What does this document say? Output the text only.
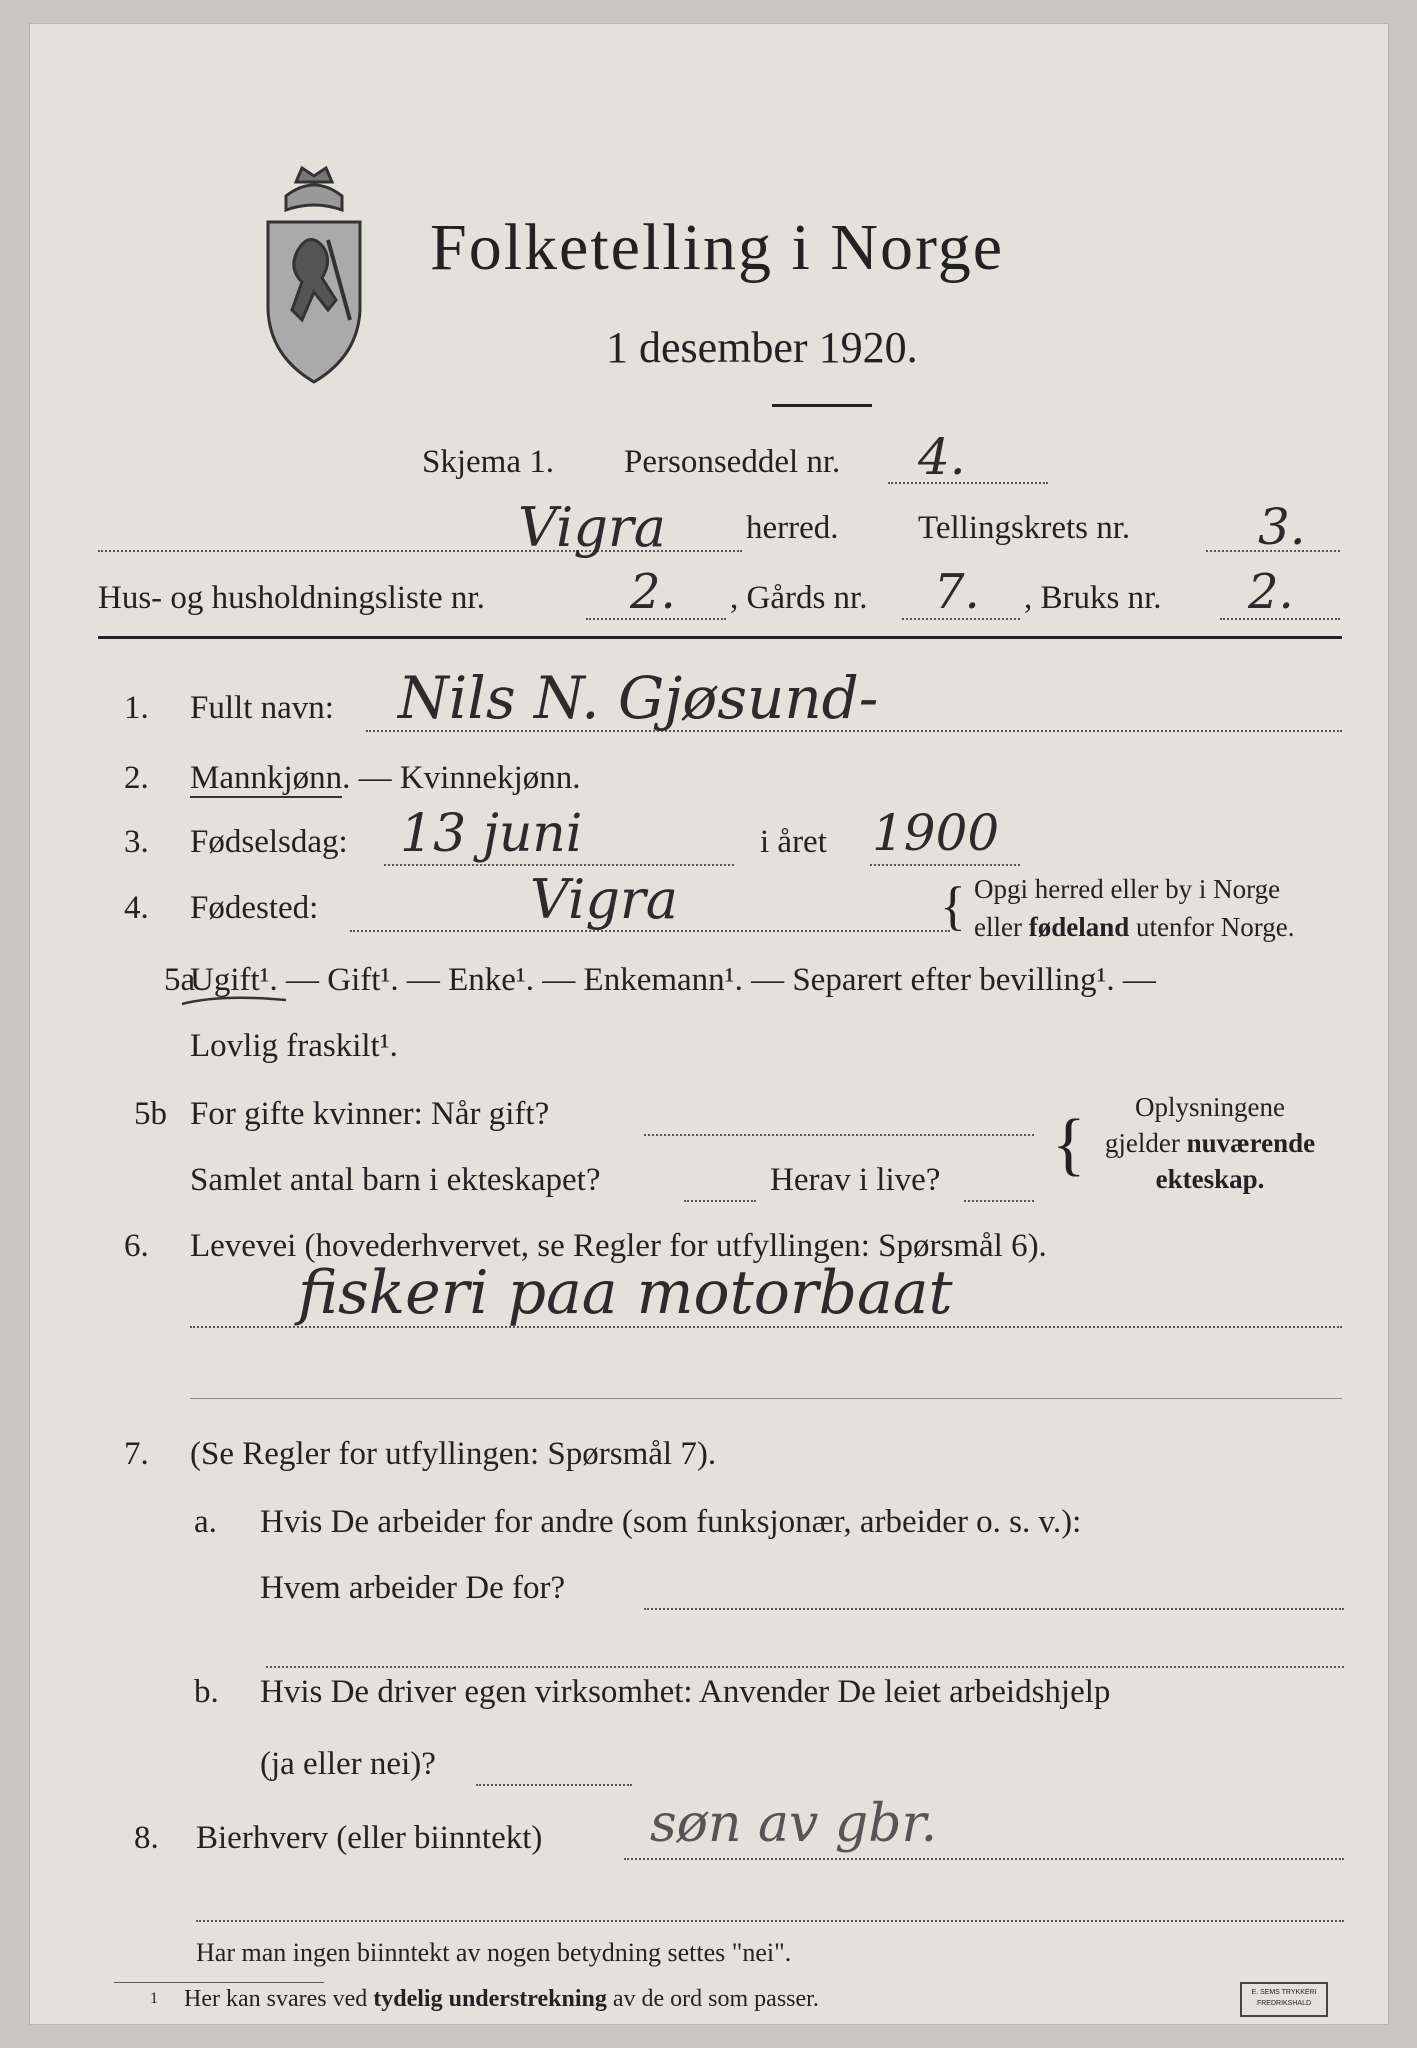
Folketelling i Norge
1 desember 1920.
Skjema 1. Personseddel nr. 4.
Vigra herred. Tellingskrets nr.	3.
Hus- og husholdningsliste nr.	2. , Gårds nr. 7. , Bruks nr. 2.
1. Fullt navn: Nils N. Gjøsund-
2. Mannkjønn. — Kvinnekjønn.
3. Fødselsdag: 13 juni	i året 1900
4. Fødested:	Vigra	{ Opgi herred eller by i Norge
eller fødeland utenfor Norge.
5a
Ugift¹. — Gift¹. — Enke¹. — Enkemann¹. — Separert efter bevilling¹. —
Lovlig fraskilt¹.
5b For gifte kvinner: Når gift?
Samlet antal barn i ekteskapet?	Herav i live? {	Oplysningene
gjelder nuværende
ekteskap.
6. Levevei (hovederhvervet, se Regler for utfyllingen: Spørsmål 6).
fiskeri paa motorbaat
7. (Se Regler for utfyllingen: Spørsmål 7).
a. Hvis De arbeider for andre (som funksjonær, arbeider o. s. v.):
Hvem arbeider De for?
b. Hvis De driver egen virksomhet: Anvender De leiet arbeidshjelp
(ja eller nei)?
8. Bierhverv (eller biinntekt) søn av gbr.
Har man ingen biinntekt av nogen betydning settes "nei".
1 Her kan svares ved tydelig understrekning av de ord som passer.	E. SEMS TRYKKERI
FREDRIKSHALD
